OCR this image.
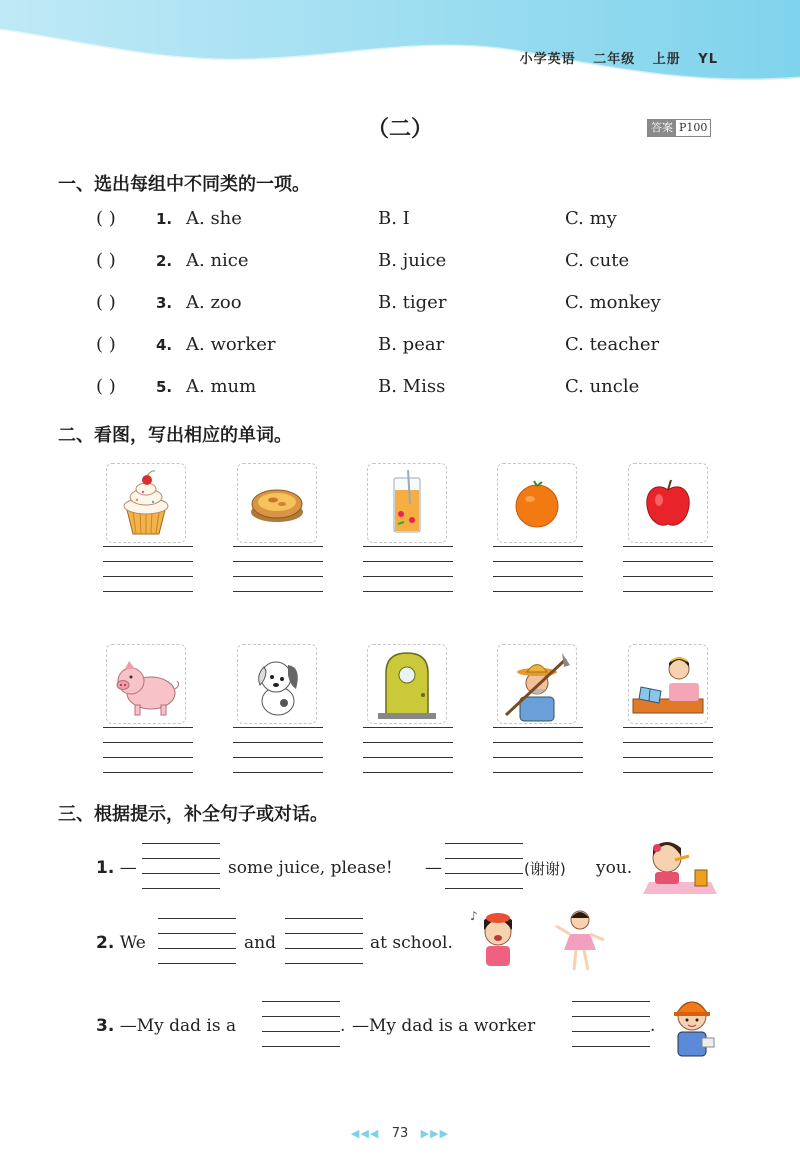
小学英语 二年级 上册 YL
（二）	答案 P100
一、选出每组中不同类的一项。
( )	1. A. she	B. I	C. my
( )	2. A. nice	B. juice	C. cute
( )	3. A. zoo	B. tiger	C. monkey
( )	4. A. worker	B. pear	C. teacher
( )	5. A. mum	B. Miss	C. uncle
二、看图，写出相应的单词。
三、根据提示，补全句子或对话。
1. —	some juice, please! —	(谢谢) you.
2. We	and	at school.
♪
3. —My dad is a	. —My dad is a worker	.
◀◀◀ 73 ▶▶▶
